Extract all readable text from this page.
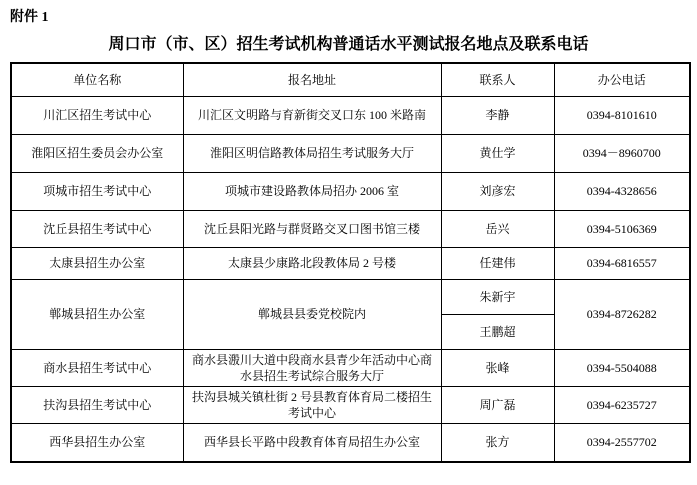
附件 1
周口市（市、区）招生考试机构普通话水平测试报名地点及联系电话
单位名称	报名地址	联系人	办公电话
川汇区招生考试中心	川汇区文明路与育新街交叉口东 100 米路南	李静	0394-8101610
淮阳区招生委员会办公室	淮阳区明信路教体局招生考试服务大厅	黄仕学	0394－8960700
项城市招生考试中心	项城市建设路教体局招办 2006 室	刘彦宏	0394-4328656
沈丘县招生考试中心	沈丘县阳光路与群贤路交叉口图书馆三楼	岳兴	0394-5106369
太康县招生办公室	太康县少康路北段教体局 2 号楼	任建伟	0394-6816557
郸城县招生办公室	郸城县县委党校院内	朱新宇	0394-8726282
		王鹏超	
商水县招生考试中心	商水县溵川大道中段商水县青少年活动中心商水县招生考试综合服务大厅	张峰	0394-5504088
扶沟县招生考试中心	扶沟县城关镇杜街 2 号县教育体育局二楼招生考试中心	周广磊	0394-6235727
西华县招生办公室	西华县长平路中段教育体育局招生办公室	张方	0394-2557702
